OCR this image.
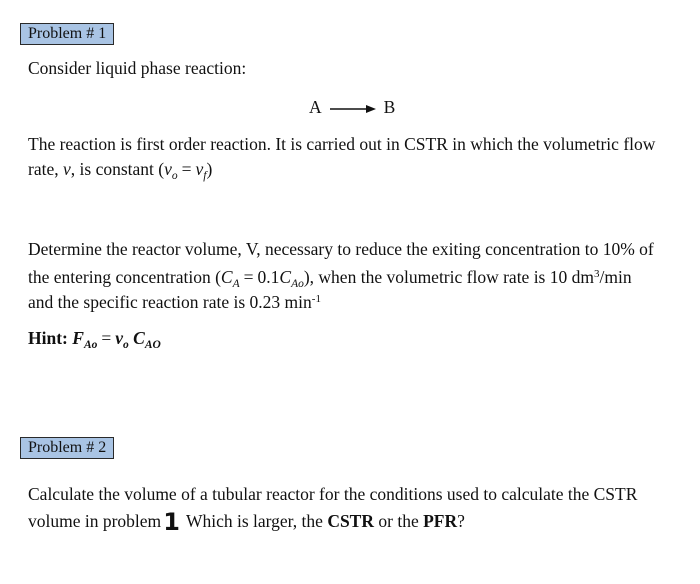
Problem # 1
Consider liquid phase reaction:
A → B
The reaction is first order reaction. It is carried out in CSTR in which the volumetric flow
rate, v, is constant $(v_o = v_f)$
Determine the reactor volume, V, necessary to reduce the exiting concentration to 10% of
the entering concentration $(C_A = 0.1C_{Ao})$, when the volumetric flow rate is 10 $dm^3/\min$
and the specific reaction rate is 0.23 $\min^{-1}$
Hint: $F_{Ao} = v_o$ $C_{AO}$
Problem # 2
Calculate the volume of a tubular reactor for the conditions used to calculate the CSTR
volume in problem1 Which is larger, the CSTR or the PFR?
